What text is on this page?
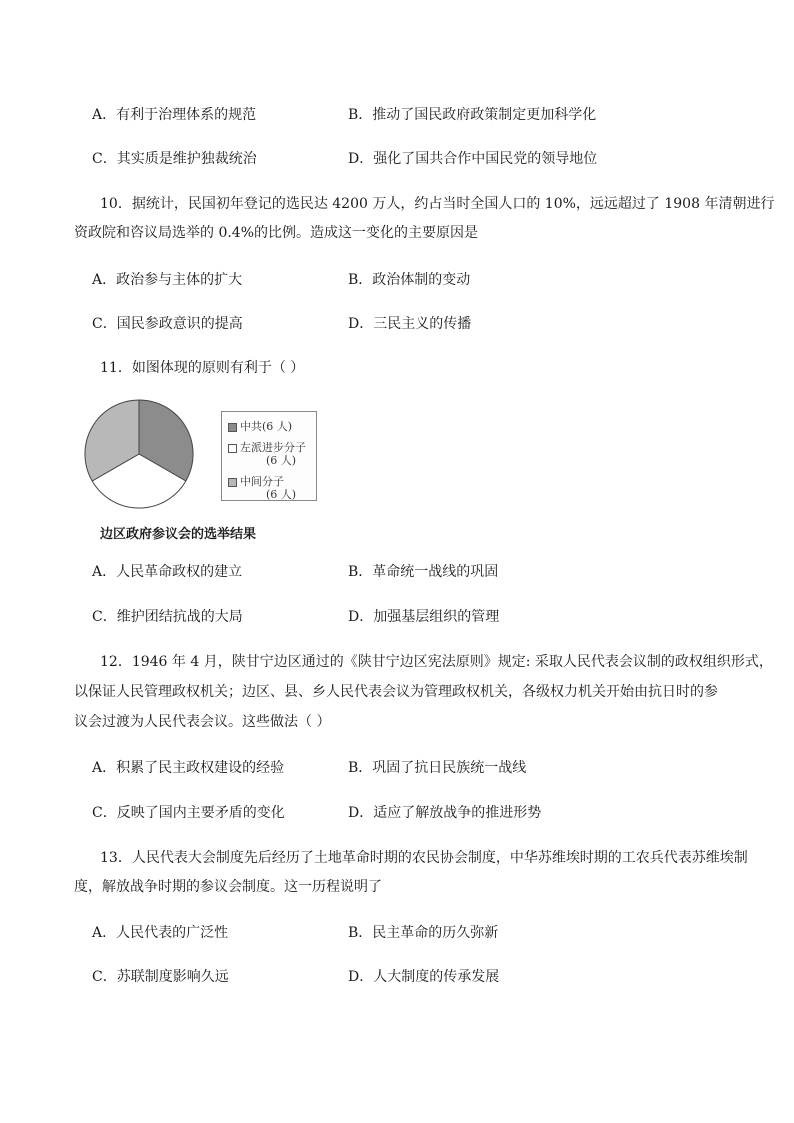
A．有利于治理体系的规范	B．推动了国民政府政策制定更加科学化
C．其实质是维护独裁统治	D．强化了国共合作中国民党的领导地位
10．据统计，民国初年登记的选民达 4200 万人，约占当时全国人口的 10%，远远超过了 1908 年清朝进行
资政院和咨议局选举的 0.4%的比例。造成这一变化的主要原因是
A．政治参与主体的扩大	B．政治体制的变动
C．国民参政意识的提高	D．三民主义的传播
11．如图体现的原则有利于（ ）
中共(6 人)
左派进步分子
(6 人)
中间分子
(6 人)
边区政府参议会的选举结果
A．人民革命政权的建立	B．革命统一战线的巩固
C．维护团结抗战的大局	D．加强基层组织的管理
12．1946 年 4 月，陕甘宁边区通过的《陕甘宁边区宪法原则》规定: 采取人民代表会议制的政权组织形式，
以保证人民管理政权机关；边区、县、乡人民代表会议为管理政权机关，各级权力机关开始由抗日时的参
议会过渡为人民代表会议。这些做法（ ）
A．积累了民主政权建设的经验	B．巩固了抗日民族统一战线
C．反映了国内主要矛盾的变化	D．适应了解放战争的推进形势
13．人民代表大会制度先后经历了土地革命时期的农民协会制度，中华苏维埃时期的工农兵代表苏维埃制
度，解放战争时期的参议会制度。这一历程说明了
A．人民代表的广泛性	B．民主革命的历久弥新
C．苏联制度影响久远	D．人大制度的传承发展
